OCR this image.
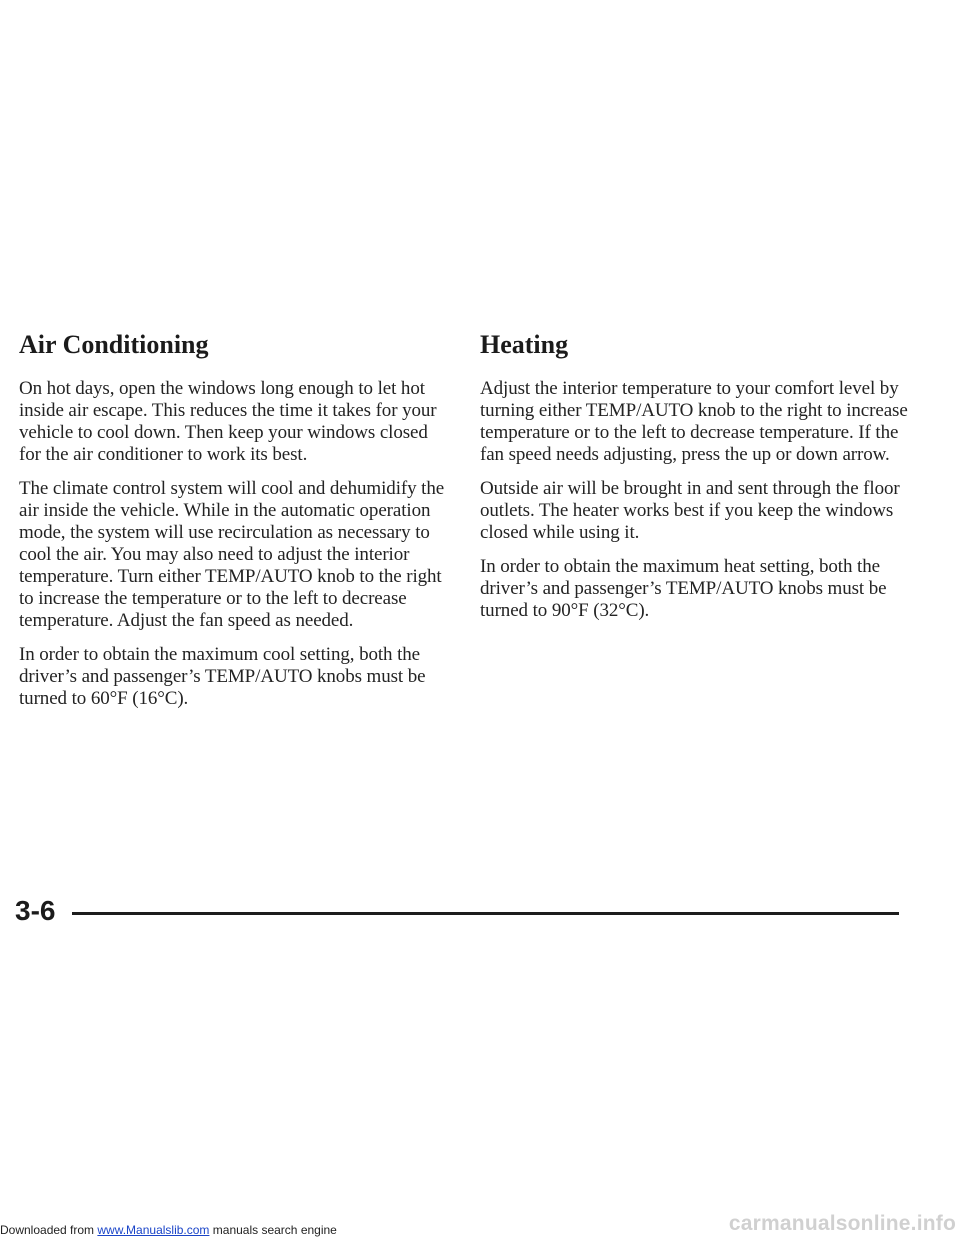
Air Conditioning

On hot days, open the windows long enough to let hot inside air escape. This reduces the time it takes for your vehicle to cool down. Then keep your windows closed for the air conditioner to work its best.

The climate control system will cool and dehumidify the air inside the vehicle. While in the automatic operation mode, the system will use recirculation as necessary to cool the air. You may also need to adjust the interior temperature. Turn either TEMP/AUTO knob to the right to increase the temperature or to the left to decrease temperature. Adjust the fan speed as needed.

In order to obtain the maximum cool setting, both the driver’s and passenger’s TEMP/AUTO knobs must be turned to 60°F (16°C).

Heating

Adjust the interior temperature to your comfort level by turning either TEMP/AUTO knob to the right to increase temperature or to the left to decrease temperature. If the fan speed needs adjusting, press the up or down arrow.

Outside air will be brought in and sent through the floor outlets. The heater works best if you keep the windows closed while using it.

In order to obtain the maximum heat setting, both the driver’s and passenger’s TEMP/AUTO knobs must be turned to 90°F (32°C).

3-6
Downloaded from www.Manualslib.com manuals search engine	carmanualsonline.info
